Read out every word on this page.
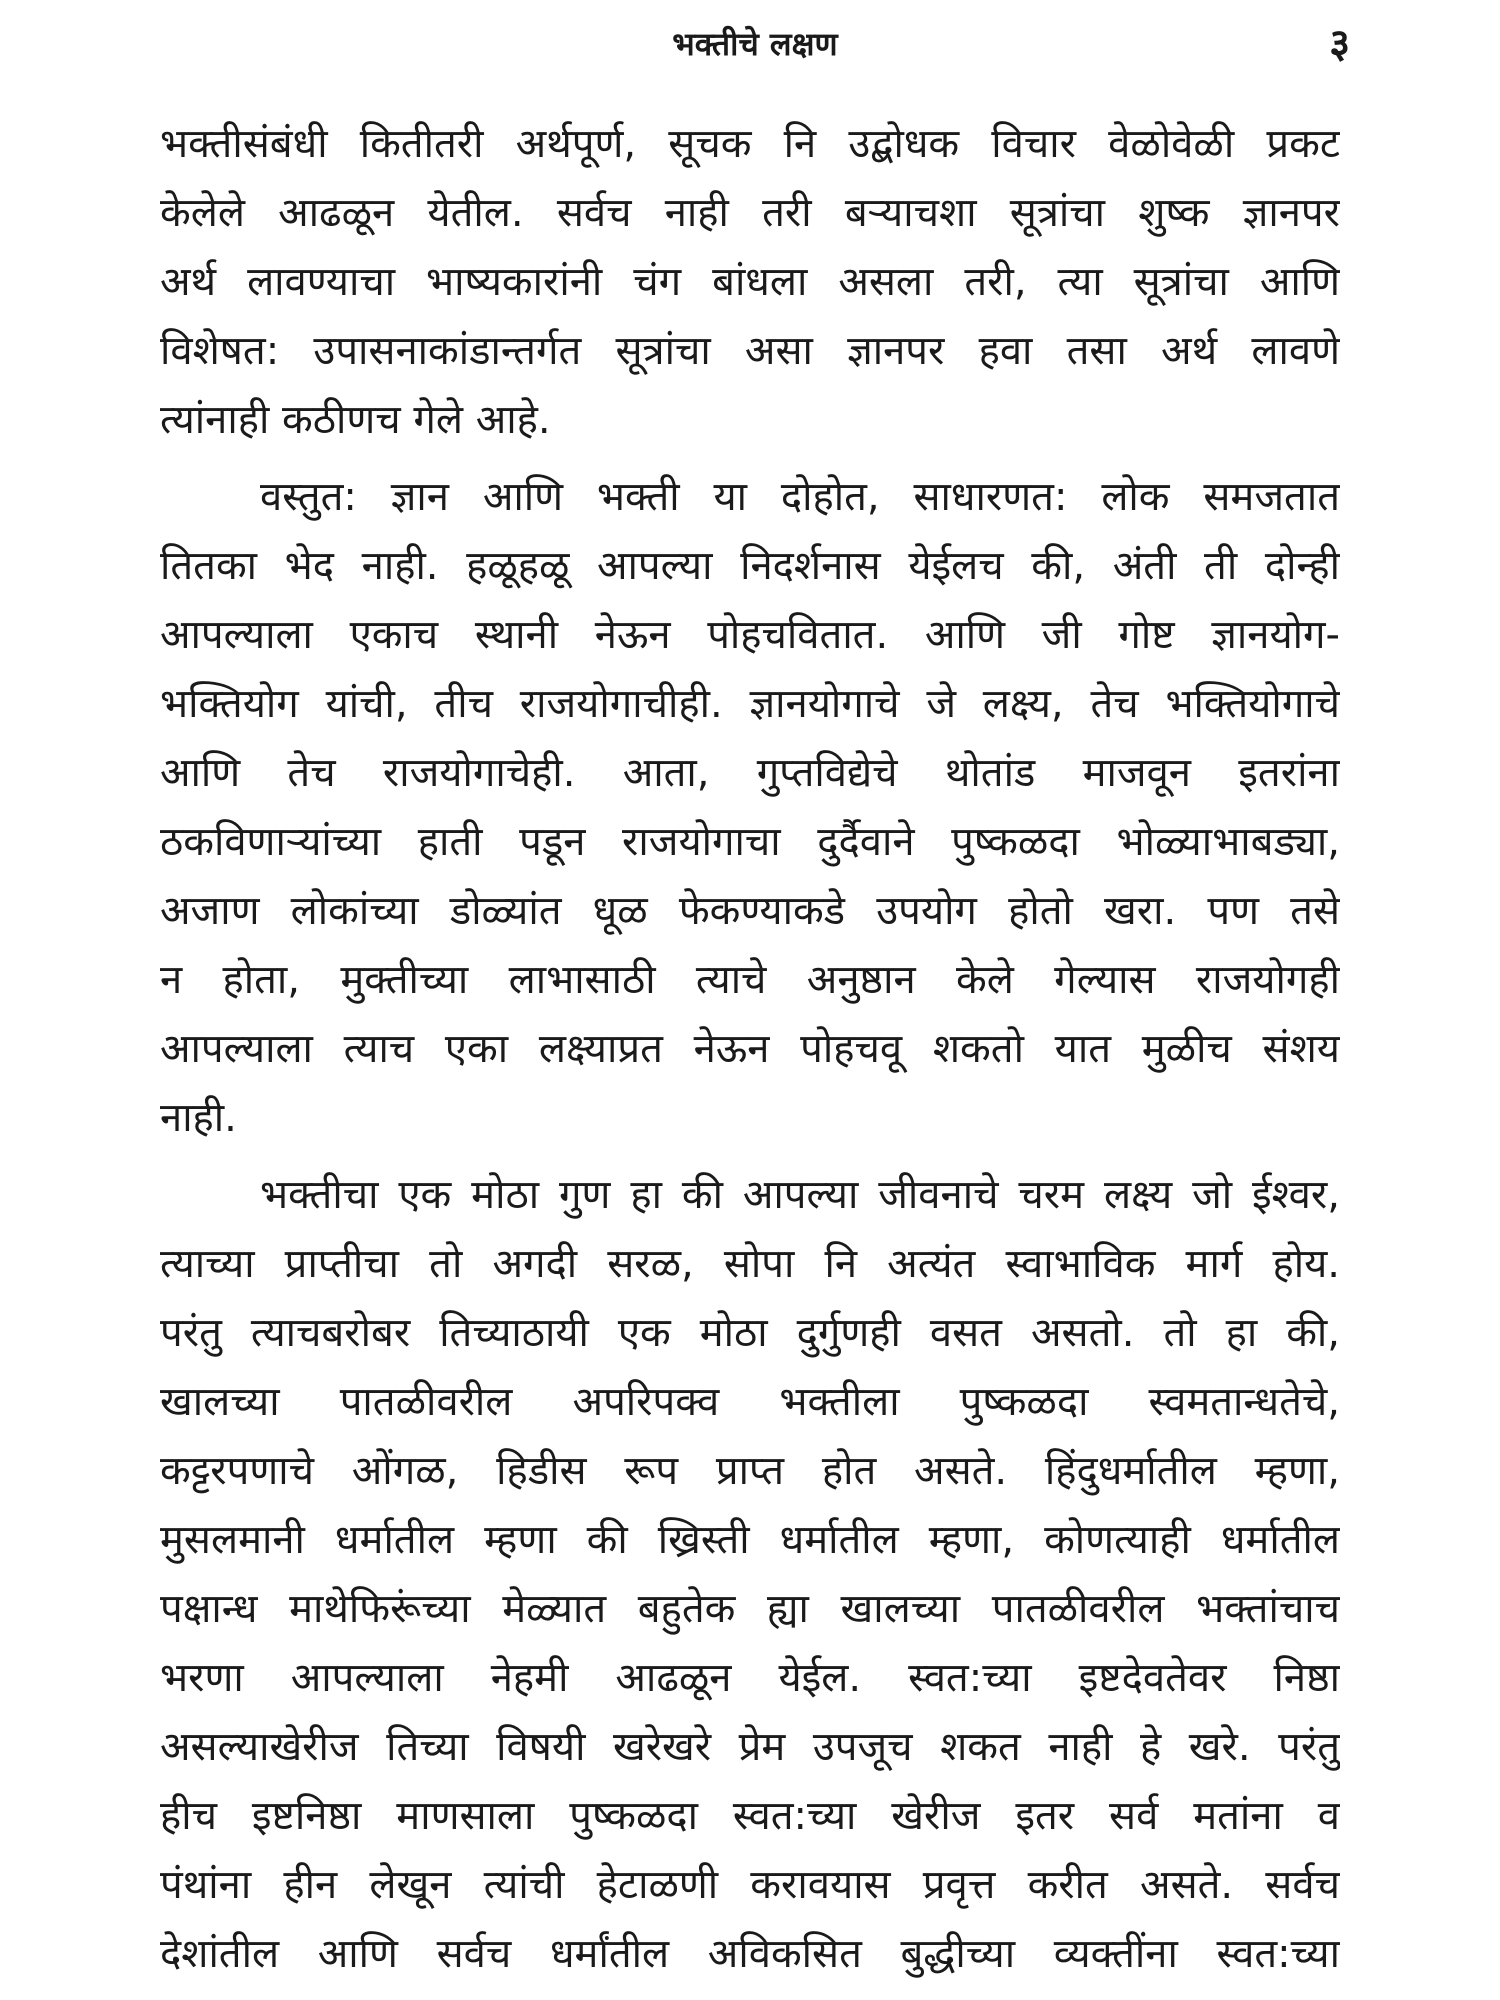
भक्तीचे लक्षण	३
भक्तीसंबंधी कितीतरी अर्थपूर्ण, सूचक नि उद्बोधक विचार वेळोवेळी प्रकट
केलेले आढळून येतील. सर्वच नाही तरी बऱ्याचशा सूत्रांचा शुष्क ज्ञानपर
अर्थ लावण्याचा भाष्यकारांनी चंग बांधला असला तरी, त्या सूत्रांचा आणि
विशेषत: उपासनाकांडान्तर्गत सूत्रांचा असा ज्ञानपर हवा तसा अर्थ लावणे
त्यांनाही कठीणच गेले आहे.
वस्तुत: ज्ञान आणि भक्ती या दोहोत, साधारणत: लोक समजतात
तितका भेद नाही. हळूहळू आपल्या निदर्शनास येईलच की, अंती ती दोन्ही
आपल्याला एकाच स्थानी नेऊन पोहचवितात. आणि जी गोष्ट ज्ञानयोग-
भक्तियोग यांची, तीच राजयोगाचीही. ज्ञानयोगाचे जे लक्ष्य, तेच भक्तियोगाचे
आणि तेच राजयोगाचेही. आता, गुप्तविद्येचे थोतांड माजवून इतरांना
ठकविणाऱ्यांच्या हाती पडून राजयोगाचा दुर्दैवाने पुष्कळदा भोळ्याभाबड्या,
अजाण लोकांच्या डोळ्यांत धूळ फेकण्याकडे उपयोग होतो खरा. पण तसे
न होता, मुक्तीच्या लाभासाठी त्याचे अनुष्ठान केले गेल्यास राजयोगही
आपल्याला त्याच एका लक्ष्याप्रत नेऊन पोहचवू शकतो यात मुळीच संशय
नाही.
भक्तीचा एक मोठा गुण हा की आपल्या जीवनाचे चरम लक्ष्य जो ईश्वर,
त्याच्या प्राप्तीचा तो अगदी सरळ, सोपा नि अत्यंत स्वाभाविक मार्ग होय.
परंतु त्याचबरोबर तिच्याठायी एक मोठा दुर्गुणही वसत असतो. तो हा की,
खालच्या पातळीवरील अपरिपक्व भक्तीला पुष्कळदा स्वमतान्धतेचे,
कट्टरपणाचे ओंगळ, हिडीस रूप प्राप्त होत असते. हिंदुधर्मातील म्हणा,
मुसलमानी धर्मातील म्हणा की ख्रिस्ती धर्मातील म्हणा, कोणत्याही धर्मातील
पक्षान्ध माथेफिरूंच्या मेळ्यात बहुतेक ह्या खालच्या पातळीवरील भक्तांचाच
भरणा आपल्याला नेहमी आढळून येईल. स्वत:च्या इष्टदेवतेवर निष्ठा
असल्याखेरीज तिच्या विषयी खरेखरे प्रेम उपजूच शकत नाही हे खरे. परंतु
हीच इष्टनिष्ठा माणसाला पुष्कळदा स्वत:च्या खेरीज इतर सर्व मतांना व
पंथांना हीन लेखून त्यांची हेटाळणी करावयास प्रवृत्त करीत असते. सर्वच
देशांतील आणि सर्वच धर्मांतील अविकसित बुद्धीच्या व्यक्तींना स्वत:च्या
